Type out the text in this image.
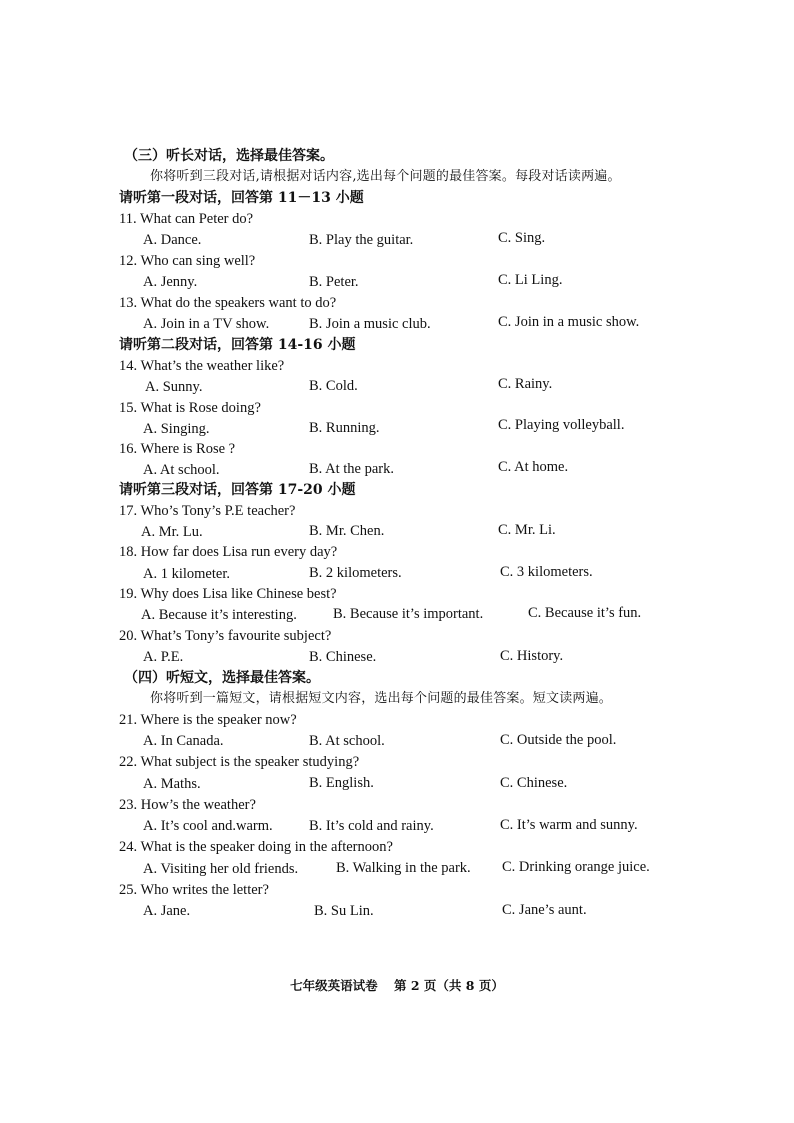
（三）听长对话，选择最佳答案。
你将听到三段对话,请根据对话内容,选出每个问题的最佳答案。每段对话读两遍。
请听第一段对话，回答第 11－13 小题
11. What can Peter do?
A. Dance.	B. Play the guitar.	C. Sing.
12. Who can sing well?
A. Jenny.	B. Peter.	C. Li Ling.
13. What do the speakers want to do?
A. Join in a TV show.	B. Join a music club.	C. Join in a music show.
请听第二段对话，回答第 14-16 小题
14. What’s the weather like?
A. Sunny.	B. Cold.	C. Rainy.
15. What is Rose doing?
A. Singing.	B. Running.	C. Playing volleyball.
16. Where is Rose ?
A. At school.	B. At the park.	C. At home.
请听第三段对话，回答第 17-20 小题
17. Who’s Tony’s P.E teacher?
A. Mr. Lu.	B. Mr. Chen.	C. Mr. Li.
18. How far does Lisa run every day?
A. 1 kilometer.	B. 2 kilometers.	C. 3 kilometers.
19. Why does Lisa like Chinese best?
A. Because it’s interesting. B. Because it’s important.	C. Because it’s fun.
20. What’s Tony’s favourite subject?
A. P.E.	B. Chinese.	C. History.
（四）听短文，选择最佳答案。
你将听到一篇短文，请根据短文内容，选出每个问题的最佳答案。短文读两遍。
21. Where is the speaker now?
A. In Canada.	B. At school.	C. Outside the pool.
22. What subject is the speaker studying?
A. Maths.	B. English.	C. Chinese.
23. How’s the weather?
A. It’s cool and.warm.	B. It’s cold and rainy.	C. It’s warm and sunny.
24. What is the speaker doing in the afternoon?
A. Visiting her old friends.	B. Walking in the park. C. Drinking orange juice.
25. Who writes the letter?
A. Jane.	B. Su Lin.	C. Jane’s aunt.
七年级英语试卷 第 2 页（共 8 页）
